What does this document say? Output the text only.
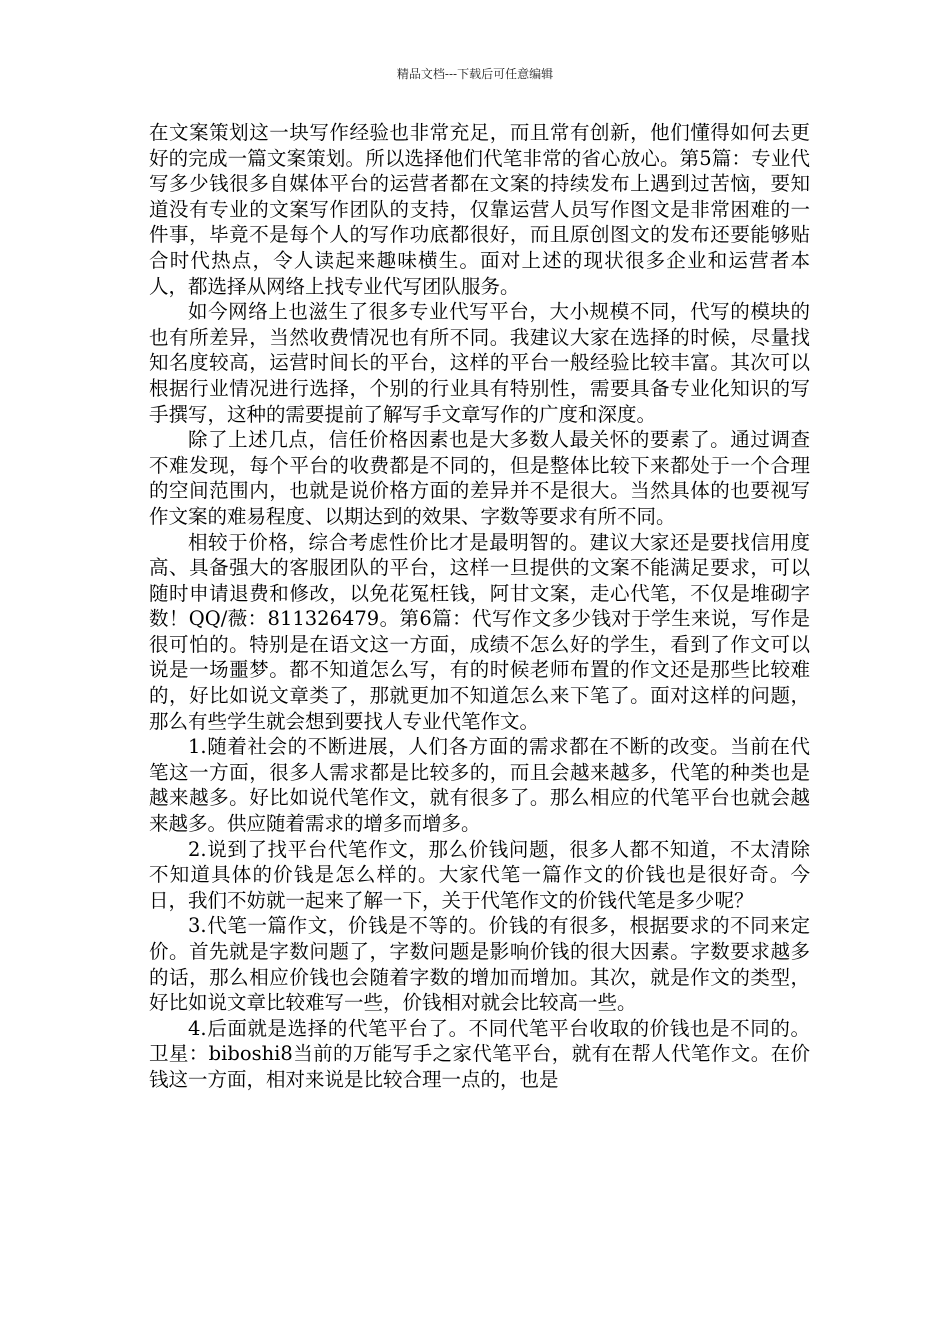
精品文档---下载后可任意编辑

在文案策划这一块写作经验也非常充足，而且常有创新，他们懂得如何去更好的完成一篇文案策划。所以选择他们代笔非常的省心放心。第5篇：专业代写多少钱很多自媒体平台的运营者都在文案的持续发布上遇到过苦恼，要知道没有专业的文案写作团队的支持，仅靠运营人员写作图文是非常困难的一件事，毕竟不是每个人的写作功底都很好，而且原创图文的发布还要能够贴合时代热点，令人读起来趣味横生。面对上述的现状很多企业和运营者本人，都选择从网络上找专业代写团队服务。

如今网络上也滋生了很多专业代写平台，大小规模不同，代写的模块的也有所差异，当然收费情况也有所不同。我建议大家在选择的时候，尽量找知名度较高，运营时间长的平台，这样的平台一般经验比较丰富。其次可以根据行业情况进行选择，个别的行业具有特别性，需要具备专业化知识的写手撰写，这种的需要提前了解写手文章写作的广度和深度。

除了上述几点，信任价格因素也是大多数人最关怀的要素了。通过调查不难发现，每个平台的收费都是不同的，但是整体比较下来都处于一个合理的空间范围内，也就是说价格方面的差异并不是很大。当然具体的也要视写作文案的难易程度、以期达到的效果、字数等要求有所不同。

相较于价格，综合考虑性价比才是最明智的。建议大家还是要找信用度高、具备强大的客服团队的平台，这样一旦提供的文案不能满足要求，可以随时申请退费和修改，以免花冤枉钱，阿甘文案，走心代笔，不仅是堆砌字数！QQ/薇：811326479。第6篇：代写作文多少钱对于学生来说，写作是很可怕的。特别是在语文这一方面，成绩不怎么好的学生，看到了作文可以说是一场噩梦。都不知道怎么写，有的时候老师布置的作文还是那些比较难的，好比如说文章类了，那就更加不知道怎么来下笔了。面对这样的问题，那么有些学生就会想到要找人专业代笔作文。

1.随着社会的不断进展，人们各方面的需求都在不断的改变。当前在代笔这一方面，很多人需求都是比较多的，而且会越来越多，代笔的种类也是越来越多。好比如说代笔作文，就有很多了。那么相应的代笔平台也就会越来越多。供应随着需求的增多而增多。

2.说到了找平台代笔作文，那么价钱问题，很多人都不知道，不太清除不知道具体的价钱是怎么样的。大家代笔一篇作文的价钱也是很好奇。今日，我们不妨就一起来了解一下，关于代笔作文的价钱代笔是多少呢？

3.代笔一篇作文，价钱是不等的。价钱的有很多，根据要求的不同来定价。首先就是字数问题了，字数问题是影响价钱的很大因素。字数要求越多的话，那么相应价钱也会随着字数的增加而增加。其次，就是作文的类型，好比如说文章比较难写一些，价钱相对就会比较高一些。

4.后面就是选择的代笔平台了。不同代笔平台收取的价钱也是不同的。卫星：biboshi8当前的万能写手之家代笔平台，就有在帮人代笔作文。在价钱这一方面，相对来说是比较合理一点的，也是
